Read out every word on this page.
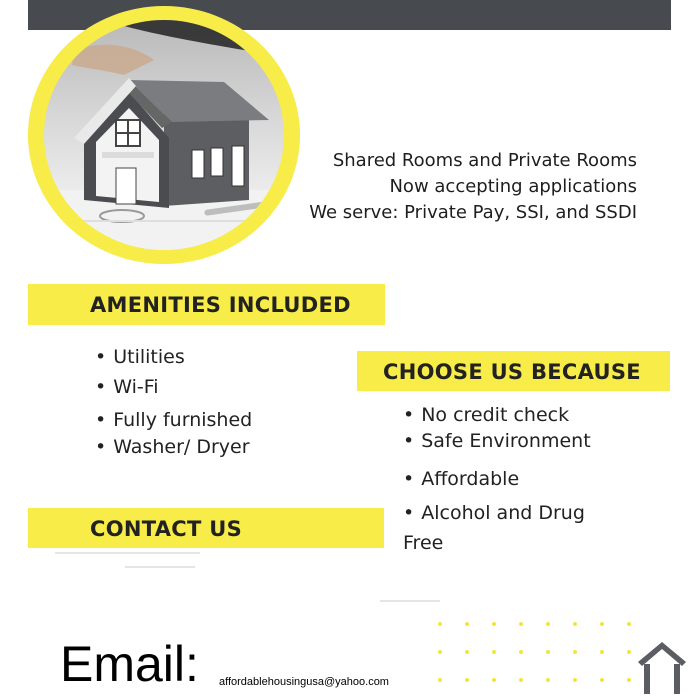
Shared Rooms and Private Rooms
Now accepting applications
We serve: Private Pay, SSI, and SSDI
AMENITIES INCLUDED
• Utilities
• Wi-Fi
• Fully furnished
• Washer/ Dryer
CHOOSE US BECAUSE
• No credit check
• Safe Environment
• Affordable
• Alcohol and Drug
Free
CONTACT US
Email: affordablehousingusa@yahoo.com
